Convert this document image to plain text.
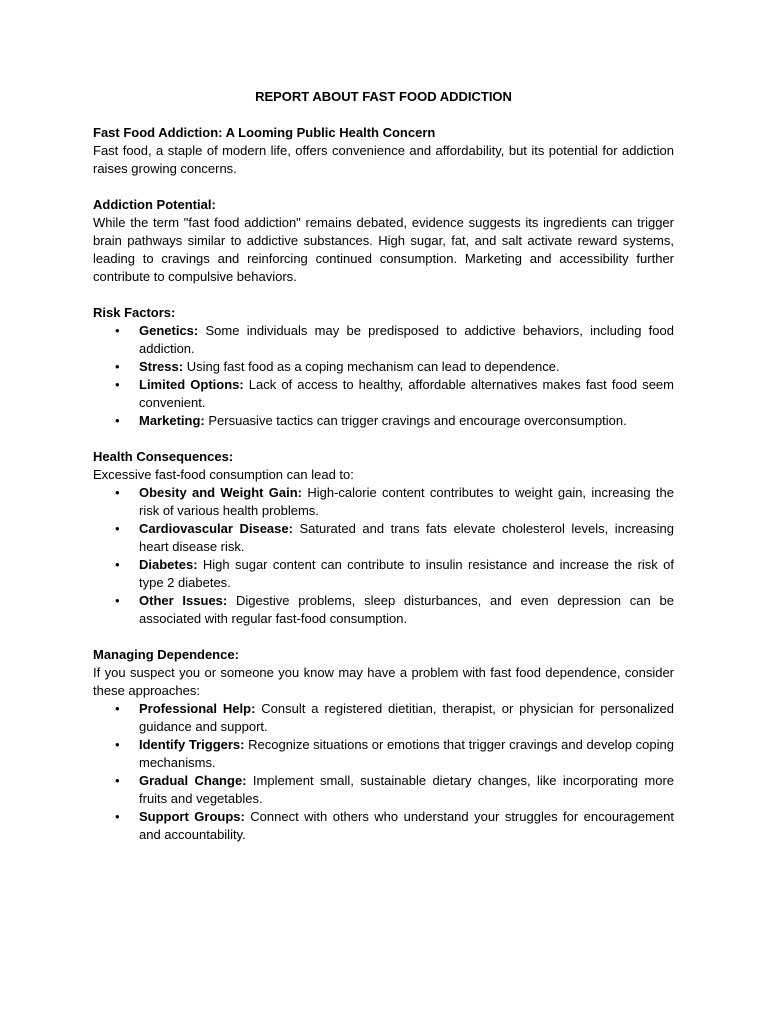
REPORT ABOUT FAST FOOD ADDICTION

Fast Food Addiction: A Looming Public Health Concern

Fast food, a staple of modern life, offers convenience and affordability, but its potential for addiction raises growing concerns.

Addiction Potential:

While the term "fast food addiction" remains debated, evidence suggests its ingredients can trigger brain pathways similar to addictive substances. High sugar, fat, and salt activate reward systems, leading to cravings and reinforcing continued consumption. Marketing and accessibility further contribute to compulsive behaviors.

Risk Factors:

• Genetics: Some individuals may be predisposed to addictive behaviors, including food addiction.
• Stress: Using fast food as a coping mechanism can lead to dependence.
• Limited Options: Lack of access to healthy, affordable alternatives makes fast food seem convenient.
• Marketing: Persuasive tactics can trigger cravings and encourage overconsumption.

Health Consequences:

Excessive fast-food consumption can lead to:

• Obesity and Weight Gain: High-calorie content contributes to weight gain, increasing the risk of various health problems.
• Cardiovascular Disease: Saturated and trans fats elevate cholesterol levels, increasing heart disease risk.
• Diabetes: High sugar content can contribute to insulin resistance and increase the risk of type 2 diabetes.
• Other Issues: Digestive problems, sleep disturbances, and even depression can be associated with regular fast-food consumption.

Managing Dependence:

If you suspect you or someone you know may have a problem with fast food dependence, consider these approaches:

• Professional Help: Consult a registered dietitian, therapist, or physician for personalized guidance and support.
• Identify Triggers: Recognize situations or emotions that trigger cravings and develop coping mechanisms.
• Gradual Change: Implement small, sustainable dietary changes, like incorporating more fruits and vegetables.
• Support Groups: Connect with others who understand your struggles for encouragement and accountability.
